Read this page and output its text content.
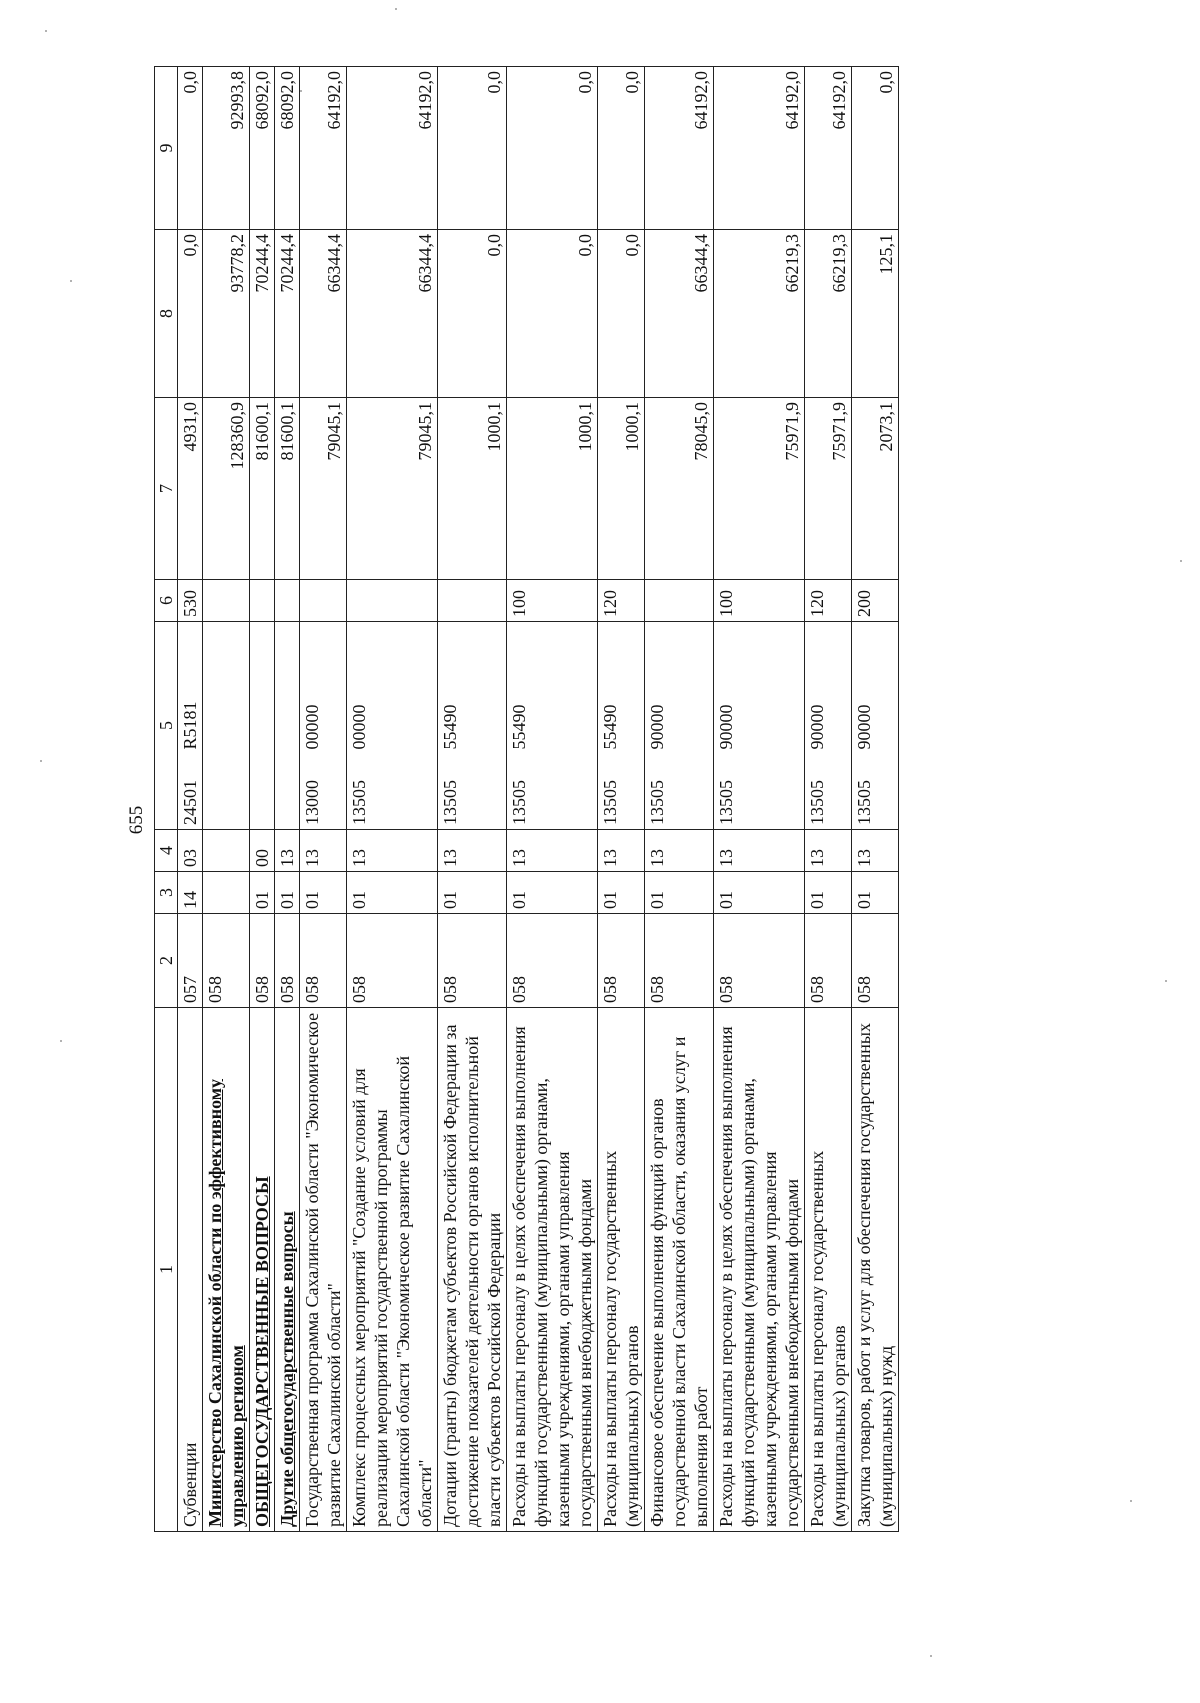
655
1	2	3	4	5	6	7	8	9
Субвенции	057	14	03	24501 R5181	530	4931,0	0,0	0,0
Министерство Сахалинской области по эффективному управлению регионом	058					128360,9	93778,2	92993,8
ОБЩЕГОСУДАРСТВЕННЫЕ ВОПРОСЫ	058	01	00			81600,1	70244,4	68092,0
Другие общегосударственные вопросы	058	01	13			81600,1	70244,4	68092,0
Государственная программа Сахалинской области "Экономическое развитие Сахалинской области"	058	01	13	13000 00000		79045,1	66344,4	64192,0
Комплекс процессных мероприятий "Создание условий для реализации мероприятий государственной программы Сахалинской области "Экономическое развитие Сахалинской области"	058	01	13	13505 00000		79045,1	66344,4	64192,0
Дотации (гранты) бюджетам субъектов Российской Федерации за достижение показателей деятельности органов исполнительной власти субъектов Российской Федерации	058	01	13	13505 55490		1000,1	0,0	0,0
Расходы на выплаты персоналу в целях обеспечения выполнения функций государственными (муниципальными) органами, казенными учреждениями, органами управления государственными внебюджетными фондами	058	01	13	13505 55490	100	1000,1	0,0	0,0
Расходы на выплаты персоналу государственных (муниципальных) органов	058	01	13	13505 55490	120	1000,1	0,0	0,0
Финансовое обеспечение выполнения функций органов государственной власти Сахалинской области, оказания услуг и выполнения работ	058	01	13	13505 90000		78045,0	66344,4	64192,0
Расходы на выплаты персоналу в целях обеспечения выполнения функций государственными (муниципальными) органами, казенными учреждениями, органами управления государственными внебюджетными фондами	058	01	13	13505 90000	100	75971,9	66219,3	64192,0
Расходы на выплаты персоналу государственных (муниципальных) органов	058	01	13	13505 90000	120	75971,9	66219,3	64192,0
Закупка товаров, работ и услуг для обеспечения государственных (муниципальных) нужд	058	01	13	13505 90000	200	2073,1	125,1	0,0
